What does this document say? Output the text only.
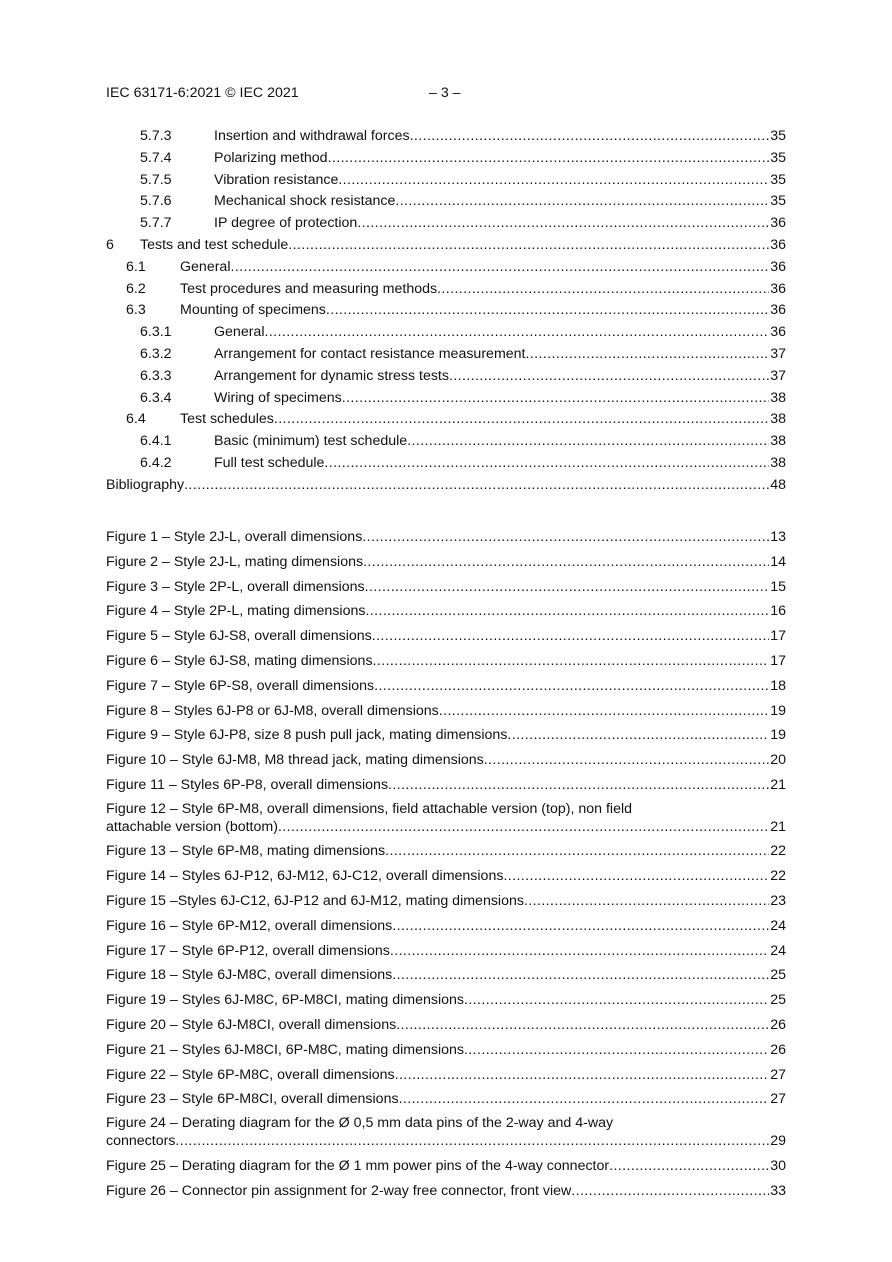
IEC 63171-6:2021 © IEC 2021	– 3 –
5.7.3	Insertion and withdrawal forces .....	35
5.7.4	Polarizing method .....	35
5.7.5	Vibration resistance .....	35
5.7.6	Mechanical shock resistance .....	35
5.7.7	IP degree of protection .....	36
6 Tests and test schedule .....	36
6.1 General .....	36
6.2 Test procedures and measuring methods .....	36
6.3 Mounting of specimens .....	36
6.3.1	General .....	36
6.3.2	Arrangement for contact resistance measurement .....	37
6.3.3	Arrangement for dynamic stress tests .....	37
6.3.4	Wiring of specimens .....	38
6.4 Test schedules .....	38
6.4.1	Basic (minimum) test schedule .....	38
6.4.2	Full test schedule .....	38
Bibliography .....	48
Figure 1 – Style 2J-L, overall dimensions .....	13
Figure 2 – Style 2J-L, mating dimensions .....	14
Figure 3 – Style 2P-L, overall dimensions .....	15
Figure 4 – Style 2P-L, mating dimensions .....	16
Figure 5 – Style 6J-S8, overall dimensions .....	17
Figure 6 – Style 6J-S8, mating dimensions .....	17
Figure 7 – Style 6P-S8, overall dimensions .....	18
Figure 8 – Styles 6J-P8 or 6J-M8, overall dimensions .....	19
Figure 9 – Style 6J-P8, size 8 push pull jack, mating dimensions .....	19
Figure 10 – Style 6J-M8, M8 thread jack, mating dimensions .....	20
Figure 11 – Styles 6P-P8, overall dimensions .....	21
Figure 12 – Style 6P-M8, overall dimensions, field attachable version (top), non field
attachable version (bottom) .....	21
Figure 13 – Style 6P-M8, mating dimensions .....	22
Figure 14 – Styles 6J-P12, 6J-M12, 6J-C12, overall dimensions .....	22
Figure 15 –Styles 6J-C12, 6J-P12 and 6J-M12, mating dimensions .....	23
Figure 16 – Style 6P-M12, overall dimensions .....	24
Figure 17 – Style 6P-P12, overall dimensions .....	24
Figure 18 – Style 6J-M8C, overall dimensions .....	25
Figure 19 – Styles 6J-M8C, 6P-M8CI, mating dimensions .....	25
Figure 20 – Style 6J-M8CI, overall dimensions .....	26
Figure 21 – Styles 6J-M8CI, 6P-M8C, mating dimensions .....	26
Figure 22 – Style 6P-M8C, overall dimensions .....	27
Figure 23 – Style 6P-M8CI, overall dimensions .....	27
Figure 24 – Derating diagram for the Ø 0,5 mm data pins of the 2-way and 4-way
connectors .....	29
Figure 25 – Derating diagram for the Ø 1 mm power pins of the 4-way connector .....	30
Figure 26 – Connector pin assignment for 2-way free connector, front view .....	33
